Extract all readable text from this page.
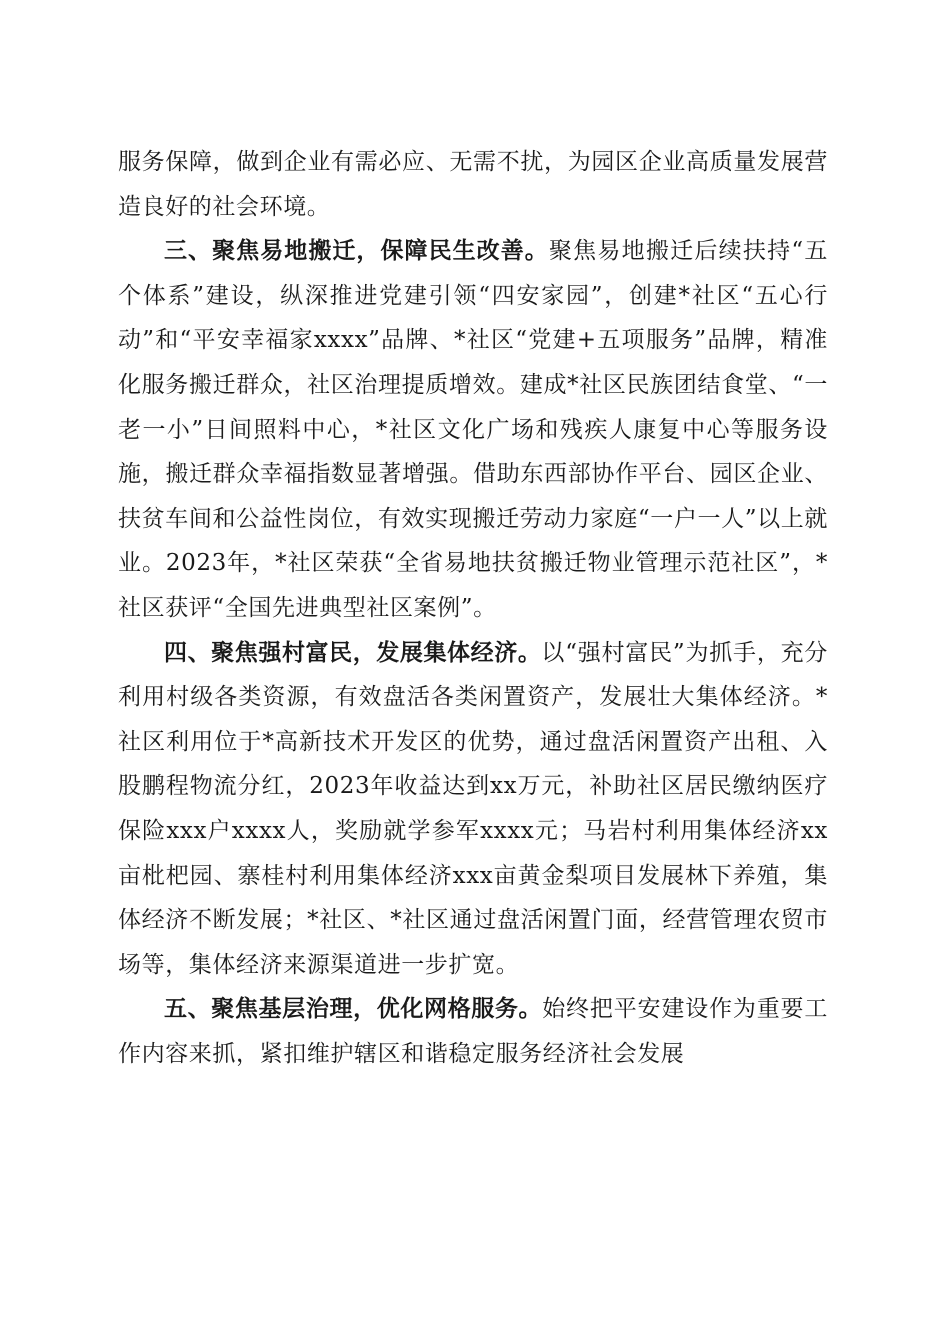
服务保障，做到企业有需必应、无需不扰，为园区企业高质量发展营造良好的社会环境。

三、聚焦易地搬迁，保障民生改善。聚焦易地搬迁后续扶持“五个体系”建设，纵深推进党建引领“四安家园”，创建*社区“五心行动”和“平安幸福家xxxx”品牌、*社区“党建+五项服务”品牌，精准化服务搬迁群众，社区治理提质增效。建成*社区民族团结食堂、“一老一小”日间照料中心，*社区文化广场和残疾人康复中心等服务设施，搬迁群众幸福指数显著增强。借助东西部协作平台、园区企业、扶贫车间和公益性岗位，有效实现搬迁劳动力家庭“一户一人”以上就业。2023年，*社区荣获“全省易地扶贫搬迁物业管理示范社区”，*社区获评“全国先进典型社区案例”。

四、聚焦强村富民，发展集体经济。以“强村富民”为抓手，充分利用村级各类资源，有效盘活各类闲置资产，发展壮大集体经济。*社区利用位于*高新技术开发区的优势，通过盘活闲置资产出租、入股鹏程物流分红，2023年收益达到xx万元，补助社区居民缴纳医疗保险xxx户xxxx人，奖励就学参军xxxx元；马岩村利用集体经济xx亩枇杷园、寨桂村利用集体经济xxx亩黄金梨项目发展林下养殖，集体经济不断发展；*社区、*社区通过盘活闲置门面，经营管理农贸市场等，集体经济来源渠道进一步扩宽。

五、聚焦基层治理，优化网格服务。始终把平安建设作为重要工作内容来抓，紧扣维护辖区和谐稳定服务经济社会发展
